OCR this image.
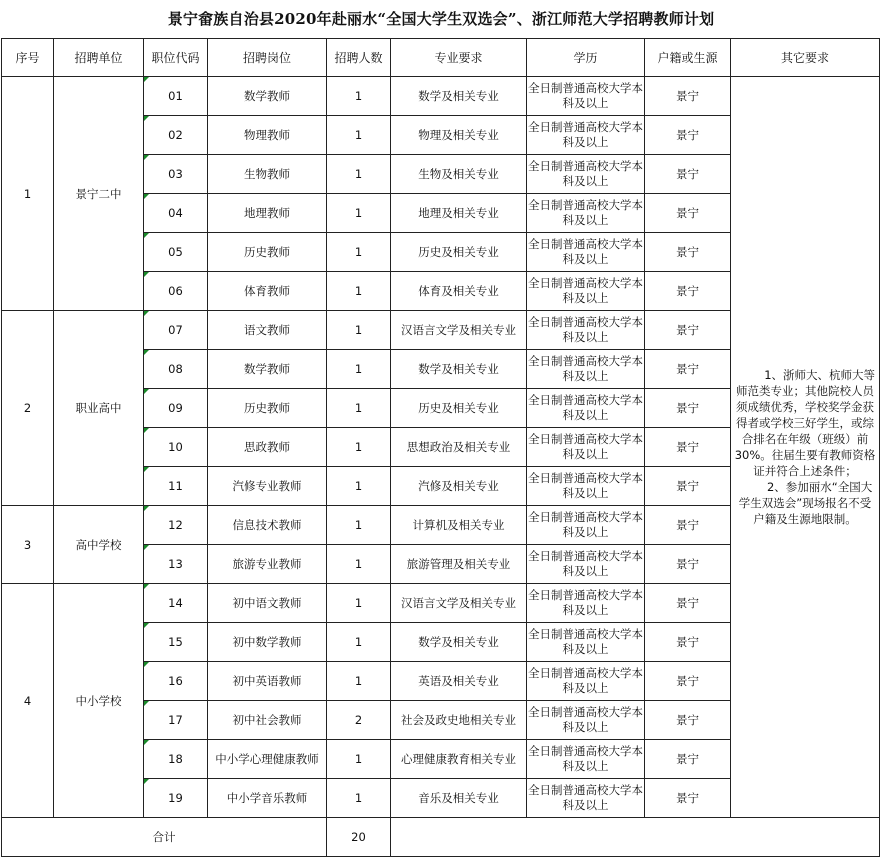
景宁畲族自治县2020年赴丽水“全国大学生双选会”、浙江师范大学招聘教师计划
序号	招聘单位	职位代码	招聘岗位	招聘人数	专业要求	学历	户籍或生源	其它要求
1	景宁二中	01	数学教师	1	数学及相关专业	全日制普通高校大学本科及以上	景宁	1、浙师大、杭师大等师范类专业；其他院校人员须成绩优秀，学校奖学金获得者或学校三好学生，或综合排名在年级（班级）前30%。往届生要有教师资格证并符合上述条件；
2、参加丽水“全国大学生双选会”现场报名不受户籍及生源地限制。
		02	物理教师	1	物理及相关专业	全日制普通高校大学本科及以上	景宁	
		03	生物教师	1	生物及相关专业	全日制普通高校大学本科及以上	景宁	
		04	地理教师	1	地理及相关专业	全日制普通高校大学本科及以上	景宁	
		05	历史教师	1	历史及相关专业	全日制普通高校大学本科及以上	景宁	
		06	体育教师	1	体育及相关专业	全日制普通高校大学本科及以上	景宁	
2	职业高中	07	语文教师	1	汉语言文学及相关专业	全日制普通高校大学本科及以上	景宁	
		08	数学教师	1	数学及相关专业	全日制普通高校大学本科及以上	景宁	
		09	历史教师	1	历史及相关专业	全日制普通高校大学本科及以上	景宁	
		10	思政教师	1	思想政治及相关专业	全日制普通高校大学本科及以上	景宁	
		11	汽修专业教师	1	汽修及相关专业	全日制普通高校大学本科及以上	景宁	
3	高中学校	12	信息技术教师	1	计算机及相关专业	全日制普通高校大学本科及以上	景宁	
		13	旅游专业教师	1	旅游管理及相关专业	全日制普通高校大学本科及以上	景宁	
4	中小学校	14	初中语文教师	1	汉语言文学及相关专业	全日制普通高校大学本科及以上	景宁	
		15	初中数学教师	1	数学及相关专业	全日制普通高校大学本科及以上	景宁	
		16	初中英语教师	1	英语及相关专业	全日制普通高校大学本科及以上	景宁	
		17	初中社会教师	2	社会及政史地相关专业	全日制普通高校大学本科及以上	景宁	
		18	中小学心理健康教师	1	心理健康教育相关专业	全日制普通高校大学本科及以上	景宁	
		19	中小学音乐教师	1	音乐及相关专业	全日制普通高校大学本科及以上	景宁	
合计				20				
